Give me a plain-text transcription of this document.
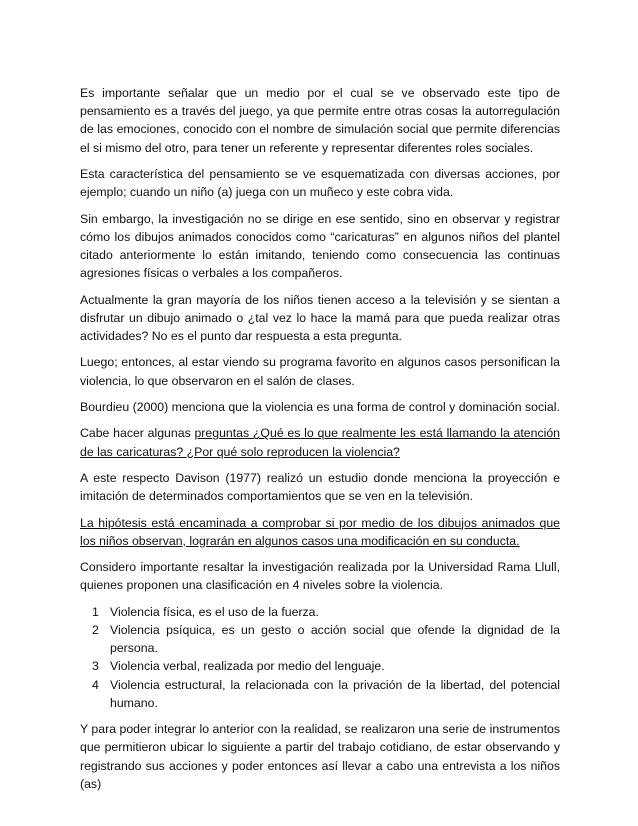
Es importante señalar que un medio por el cual se ve observado este tipo de pensamiento es a través del juego, ya que permite entre otras cosas la autorregulación de las emociones, conocido con el nombre de simulación social que permite diferencias el si mismo del otro, para tener un referente y representar diferentes roles sociales.

Esta característica del pensamiento se ve esquematizada con diversas acciones, por ejemplo; cuando un niño (a) juega con un muñeco y este cobra vida.

Sin embargo, la investigación no se dirige en ese sentido, sino en observar y registrar cómo los dibujos animados conocidos como “caricaturas” en algunos niños del plantel citado anteriormente lo están imitando, teniendo como consecuencia las continuas agresiones físicas o verbales a los compañeros.

Actualmente la gran mayoría de los niños tienen acceso a la televisión y se sientan a disfrutar un dibujo animado o ¿tal vez lo hace la mamá para que pueda realizar otras actividades? No es el punto dar respuesta a esta pregunta.

Luego; entonces, al estar viendo su programa favorito en algunos casos personifican la violencia, lo que observaron en el salón de clases.

Bourdieu (2000) menciona que la violencia es una forma de control y dominación social.

Cabe hacer algunas preguntas ¿Qué es lo que realmente les está llamando la atención de las caricaturas? ¿Por qué solo reproducen la violencia?

A este respecto Davison (1977) realizó un estudio donde menciona la proyección e imitación de determinados comportamientos que se ven en la televisión.

La hipótesis está encaminada a comprobar si por medio de los dibujos animados que los niños observan, lograrán en algunos casos una modificación en su conducta.

Considero importante resaltar la investigación realizada por la Universidad Rama Llull, quienes proponen una clasificación en 4 niveles sobre la violencia.

1 Violencia física, es el uso de la fuerza.
2 Violencia psíquica, es un gesto o acción social que ofende la dignidad de la persona.
3 Violencia verbal, realizada por medio del lenguaje.
4 Violencia estructural, la relacionada con la privación de la libertad, del potencial humano.

Y para poder integrar lo anterior con la realidad, se realizaron una serie de instrumentos que permitieron ubicar lo siguiente a partir del trabajo cotidiano, de estar observando y registrando sus acciones y poder entonces así llevar a cabo una entrevista a los niños (as)
